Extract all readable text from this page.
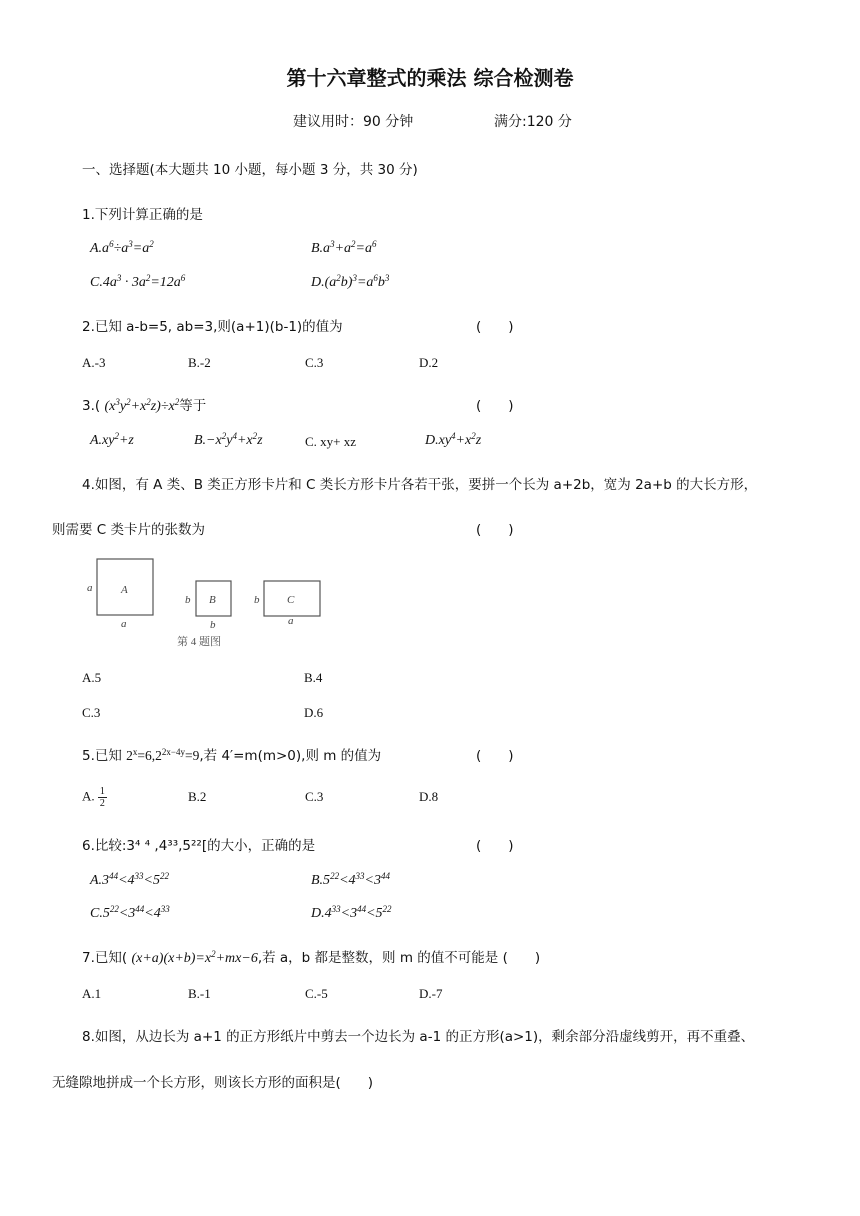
第十六章整式的乘法 综合检测卷
建议用时：90 分钟	满分:120 分
一、选择题(本大题共 10 小题，每小题 3 分，共 30 分)
1.下列计算正确的是
$A.a^6\div a^3=a^2$	$B.a^3+a^2=a^6$
$C.4a^3 \cdot 3a^2=12a^6$	$D.(a^2b)^3=a^6b^3$
2.已知 a-b=5, ab=3,则(a+1)(b-1)的值为	(　　)
A.-3	B.-2	C.3	D.2
3.( $(x^3y^2+x^2z)\div x^2$等于	(　　)
$A.xy^2+z$	$B.-x^2y^4+x^2z$	C. xy+ xz	$D.xy^4+x^2z$
4.如图，有 A 类、B 类正方形卡片和 C 类长方形卡片各若干张，要拼一个长为 a+2b，宽为 2a+b 的大长方形，
则需要 C 类卡片的张数为	(　　)
A
a
a
B
b
b
C
b
a
第 4 题图
A.5	B.4
C.3	D.6
5.已知 $2^x=6,2^{2x-4y}=9$,若 4′=m(m>0),则 m 的值为	(　　)
A. $\frac{1}{2}$	B.2	C.3	D.8
6.比较:3⁴ ⁴ ,4³³,5²²[的大小，正确的是	(　　)
$A.3^{44}<4^{33}<5^{22}$	$B.5^{22}<4^{33}<3^{44}$
$C.5^{22}<3^{44}<4^{33}$	$D.4^{33}<3^{44}<5^{22}$
7.已知( $(x+a)(x+b)=x^2+mx-6$,若 a，b 都是整数，则 m 的值不可能是 (　　)
A.1	B.-1	C.-5	D.-7
8.如图，从边长为 a+1 的正方形纸片中剪去一个边长为 a-1 的正方形(a>1)，剩余部分沿虚线剪开，再不重叠、
无缝隙地拼成一个长方形，则该长方形的面积是(　　)
